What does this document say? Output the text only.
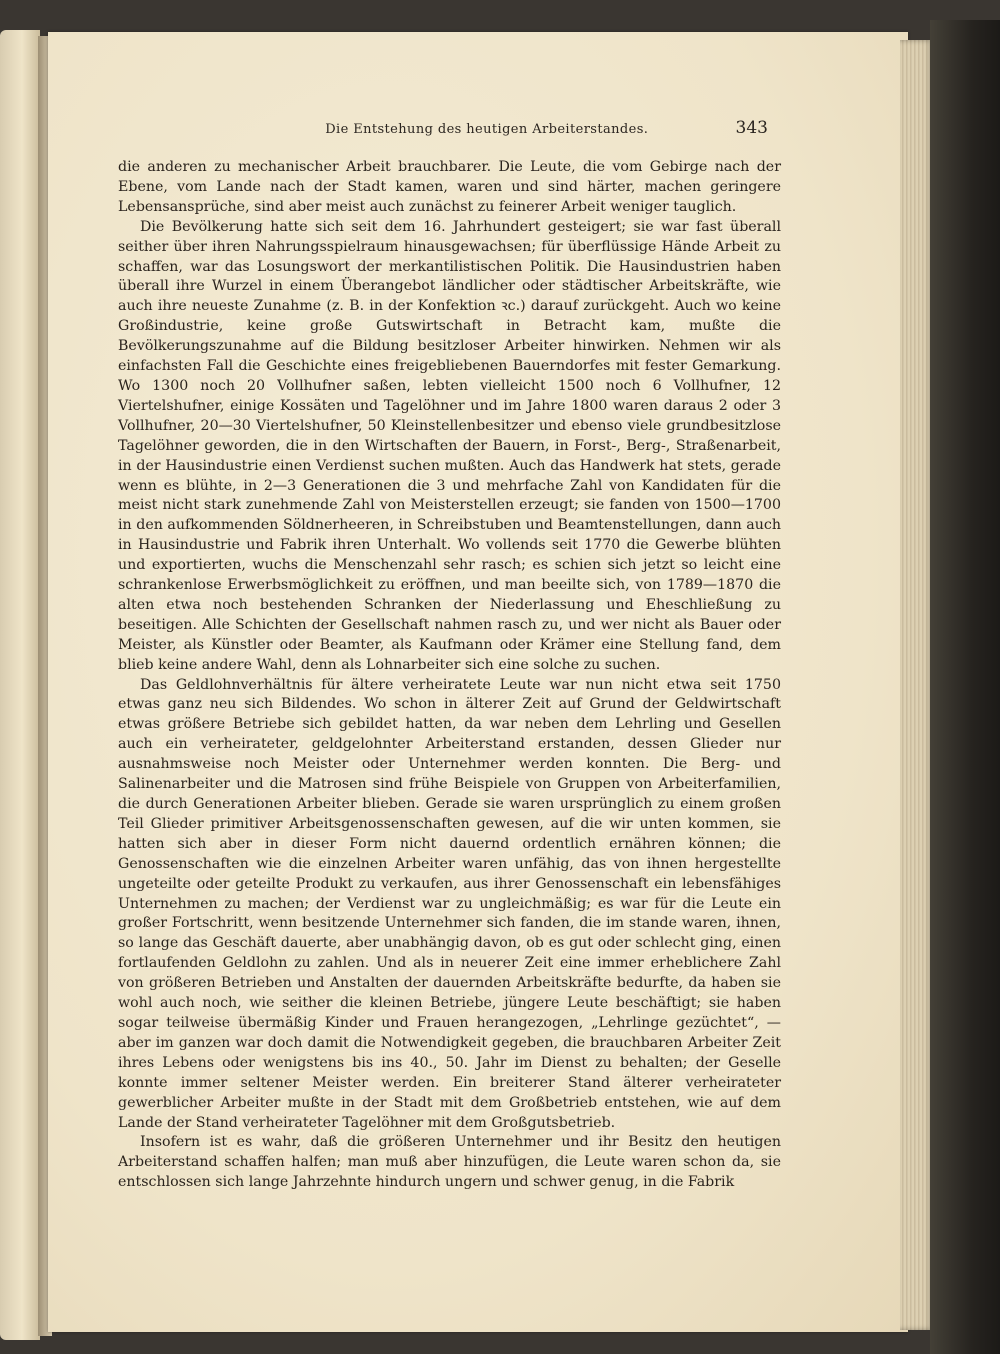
Die Entstehung des heutigen Arbeiterstandes.	343

die anderen zu mechanischer Arbeit brauchbarer. Die Leute, die vom Gebirge nach der Ebene, vom Lande nach der Stadt kamen, waren und sind härter, machen geringere Lebensansprüche, sind aber meist auch zunächst zu feinerer Arbeit weniger tauglich.

Die Bevölkerung hatte sich seit dem 16. Jahrhundert gesteigert; sie war fast überall seither über ihren Nahrungsspielraum hinausgewachsen; für überflüssige Hände Arbeit zu schaffen, war das Losungswort der merkantilistischen Politik. Die Hausindustrien haben überall ihre Wurzel in einem Überangebot ländlicher oder städtischer Arbeitskräfte, wie auch ihre neueste Zunahme (z. B. in der Konfektion ꝛc.) darauf zurückgeht. Auch wo keine Großindustrie, keine große Gutswirtschaft in Betracht kam, mußte die Bevölkerungszunahme auf die Bildung besitzloser Arbeiter hinwirken. Nehmen wir als einfachsten Fall die Geschichte eines freigebliebenen Bauerndorfes mit fester Gemarkung. Wo 1300 noch 20 Vollhufner saßen, lebten vielleicht 1500 noch 6 Vollhufner, 12 Viertelshufner, einige Kossäten und Tagelöhner und im Jahre 1800 waren daraus 2 oder 3 Vollhufner, 20—30 Viertelshufner, 50 Kleinstellenbesitzer und ebenso viele grundbesitzlose Tagelöhner geworden, die in den Wirtschaften der Bauern, in Forst-, Berg-, Straßenarbeit, in der Hausindustrie einen Verdienst suchen mußten. Auch das Handwerk hat stets, gerade wenn es blühte, in 2—3 Generationen die 3 und mehrfache Zahl von Kandidaten für die meist nicht stark zunehmende Zahl von Meisterstellen erzeugt; sie fanden von 1500—1700 in den aufkommenden Söldnerheeren, in Schreibstuben und Beamtenstellungen, dann auch in Hausindustrie und Fabrik ihren Unterhalt. Wo vollends seit 1770 die Gewerbe blühten und exportierten, wuchs die Menschenzahl sehr rasch; es schien sich jetzt so leicht eine schrankenlose Erwerbsmöglichkeit zu eröffnen, und man beeilte sich, von 1789—1870 die alten etwa noch bestehenden Schranken der Niederlassung und Eheschließung zu beseitigen. Alle Schichten der Gesellschaft nahmen rasch zu, und wer nicht als Bauer oder Meister, als Künstler oder Beamter, als Kaufmann oder Krämer eine Stellung fand, dem blieb keine andere Wahl, denn als Lohnarbeiter sich eine solche zu suchen.

Das Geldlohnverhältnis für ältere verheiratete Leute war nun nicht etwa seit 1750 etwas ganz neu sich Bildendes. Wo schon in älterer Zeit auf Grund der Geldwirtschaft etwas größere Betriebe sich gebildet hatten, da war neben dem Lehrling und Gesellen auch ein verheirateter, geldgelohnter Arbeiterstand erstanden, dessen Glieder nur ausnahmsweise noch Meister oder Unternehmer werden konnten. Die Berg- und Salinenarbeiter und die Matrosen sind frühe Beispiele von Gruppen von Arbeiterfamilien, die durch Generationen Arbeiter blieben. Gerade sie waren ursprünglich zu einem großen Teil Glieder primitiver Arbeitsgenossenschaften gewesen, auf die wir unten kommen, sie hatten sich aber in dieser Form nicht dauernd ordentlich ernähren können; die Genossenschaften wie die einzelnen Arbeiter waren unfähig, das von ihnen hergestellte ungeteilte oder geteilte Produkt zu verkaufen, aus ihrer Genossenschaft ein lebensfähiges Unternehmen zu machen; der Verdienst war zu ungleichmäßig; es war für die Leute ein großer Fortschritt, wenn besitzende Unternehmer sich fanden, die im stande waren, ihnen, so lange das Geschäft dauerte, aber unabhängig davon, ob es gut oder schlecht ging, einen fortlaufenden Geldlohn zu zahlen. Und als in neuerer Zeit eine immer erheblichere Zahl von größeren Betrieben und Anstalten der dauernden Arbeitskräfte bedurfte, da haben sie wohl auch noch, wie seither die kleinen Betriebe, jüngere Leute beschäftigt; sie haben sogar teilweise übermäßig Kinder und Frauen herangezogen, „Lehrlinge gezüchtet“, — aber im ganzen war doch damit die Notwendigkeit gegeben, die brauchbaren Arbeiter Zeit ihres Lebens oder wenigstens bis ins 40., 50. Jahr im Dienst zu behalten; der Geselle konnte immer seltener Meister werden. Ein breiterer Stand älterer verheirateter gewerblicher Arbeiter mußte in der Stadt mit dem Großbetrieb entstehen, wie auf dem Lande der Stand verheirateter Tagelöhner mit dem Großgutsbetrieb.

Insofern ist es wahr, daß die größeren Unternehmer und ihr Besitz den heutigen Arbeiterstand schaffen halfen; man muß aber hinzufügen, die Leute waren schon da, sie entschlossen sich lange Jahrzehnte hindurch ungern und schwer genug, in die Fabrik
